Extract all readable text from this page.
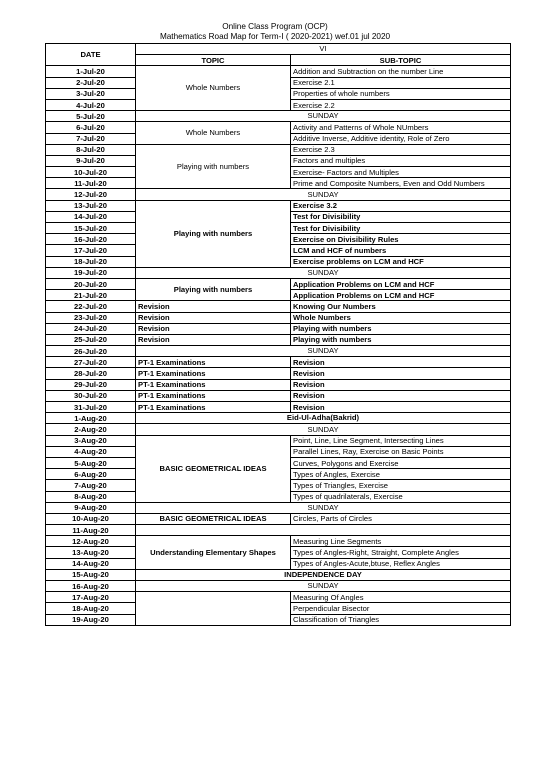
Online Class Program (OCP)
Mathematics Road Map for Term-I ( 2020-2021) wef.01 jul 2020
DATE	VI	
	TOPIC	SUB-TOPIC
1-Jul-20	Whole Numbers	Addition and Subtraction on the number Line
2-Jul-20		Exercise 2.1
3-Jul-20		Properties of whole numbers
4-Jul-20		Exercise 2.2
5-Jul-20	SUNDAY	
6-Jul-20	Whole Numbers	Activity and Patterns of Whole NUmbers
7-Jul-20		Additive Inverse, Additive identity, Role of Zero
8-Jul-20	Playing with numbers	Exercise 2.3
9-Jul-20		Factors and multiples
10-Jul-20		Exercise- Factors and Multiples
11-Jul-20		Prime and Composite Numbers, Even and Odd Numbers
12-Jul-20	SUNDAY	
13-Jul-20	Playing with numbers	Exercise 3.2
14-Jul-20		Test for Divisibility
15-Jul-20		Test for Divisibility
16-Jul-20		Exercise on Divisibility Rules
17-Jul-20		LCM and HCF of numbers
18-Jul-20		Exercise problems on LCM and HCF
19-Jul-20	SUNDAY	
20-Jul-20	Playing with numbers	Application Problems on LCM and HCF
21-Jul-20		Application Problems on LCM and HCF
22-Jul-20	Revision	Knowing Our Numbers
23-Jul-20	Revision	Whole Numbers
24-Jul-20	Revision	Playing with numbers
25-Jul-20	Revision	Playing with numbers
26-Jul-20	SUNDAY	
27-Jul-20	PT-1 Examinations	Revision
28-Jul-20	PT-1 Examinations	Revision
29-Jul-20	PT-1 Examinations	Revision
30-Jul-20	PT-1 Examinations	Revision
31-Jul-20	PT-1 Examinations	Revision
1-Aug-20	Eid-Ul-Adha(Bakrid)	
2-Aug-20	SUNDAY	
3-Aug-20	BASIC GEOMETRICAL IDEAS	Point, Line, Line Segment, Intersecting Lines
4-Aug-20		Parallel Lines, Ray, Exercise on Basic Points
5-Aug-20		Curves, Polygons and Exercise
6-Aug-20		Types of Angles, Exercise
7-Aug-20		Types of Triangles, Exercise
8-Aug-20		Types of quadrilaterals, Exercise
9-Aug-20	SUNDAY	
10-Aug-20	BASIC GEOMETRICAL IDEAS	Circles, Parts of Circles
11-Aug-20		
12-Aug-20	Understanding Elementary Shapes	Measuring Line Segments
13-Aug-20		Types of Angles-Right, Straight, Complete Angles
14-Aug-20		Types of Angles-Acute,btuse, Reflex Angles
15-Aug-20	INDEPENDENCE DAY	
16-Aug-20	SUNDAY	
17-Aug-20		Measuring Of Angles
18-Aug-20		Perpendicular Bisector
19-Aug-20		Classification of Triangles
